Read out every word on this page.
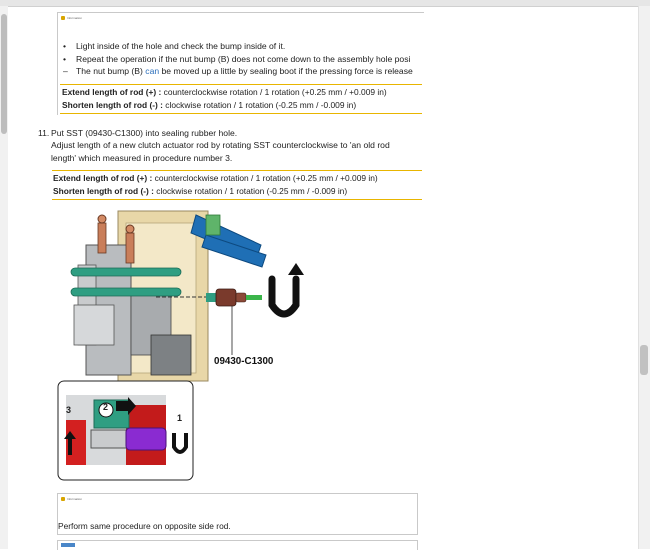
Information
• Light inside of the hole and check the bump inside of it.
• Repeat the operation if the nut bump (B) does not come down to the assembly hole posi
– The nut bump (B) can be moved up a little by sealing boot if the pressing force is release
Extend length of rod (+) : counterclockwise rotation / 1 rotation (+0.25 mm / +0.009 in)
Shorten length of rod (-) : clockwise rotation / 1 rotation (-0.25 mm / -0.009 in)
11. Put SST (09430-C1300) into sealing rubber hole.
Adjust length of a new clutch actuator rod by rotating SST counterclockwise to 'an old rod
length' which measured in procedure number 3.
Extend length of rod (+) : counterclockwise rotation / 1 rotation (+0.25 mm / +0.009 in)
Shorten length of rod (-) : clockwise rotation / 1 rotation (-0.25 mm / -0.009 in)
3	2
1
09430-C1300
Information
Perform same procedure on opposite side rod.
